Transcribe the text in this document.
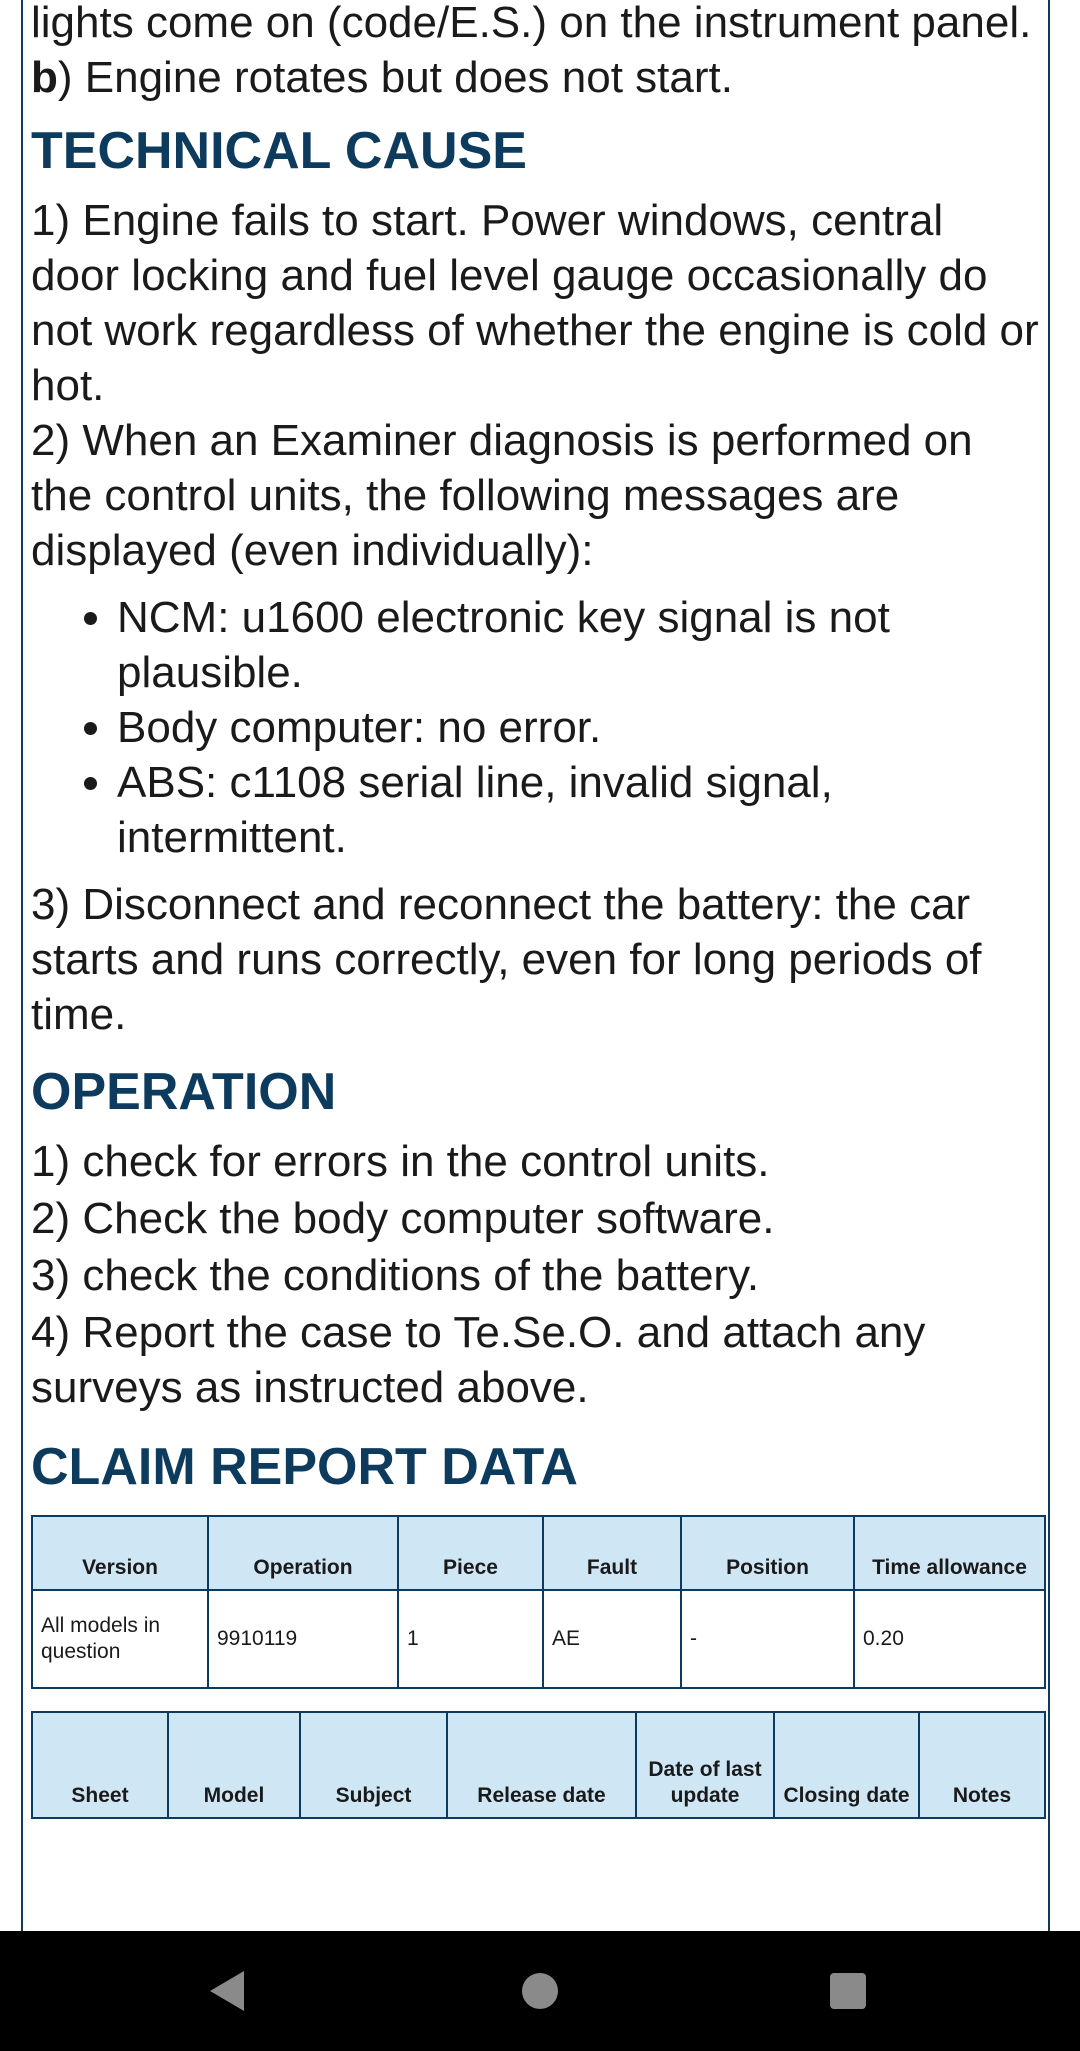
lights come on (code/E.S.) on the instrument panel.

b) Engine rotates but does not start.

TECHNICAL CAUSE

1) Engine fails to start. Power windows, central door locking and fuel level gauge occasionally do not work regardless of whether the engine is cold or hot.

2) When an Examiner diagnosis is performed on the control units, the following messages are displayed (even individually):

• NCM: u1600 electronic key signal is not plausible.
• Body computer: no error.
• ABS: c1108 serial line, invalid signal, intermittent.

3) Disconnect and reconnect the battery: the car starts and runs correctly, even for long periods of time.

OPERATION

1) check for errors in the control units.

2) Check the body computer software.

3) check the conditions of the battery.

4) Report the case to Te.Se.O. and attach any surveys as instructed above.

CLAIM REPORT DATA
Version	Operation	Piece	Fault	Position	Time allowance
All models in question	9910119	1	AE	-	0.20
Sheet	Model	Subject	Release date	Date of last update	Closing date	Notes
